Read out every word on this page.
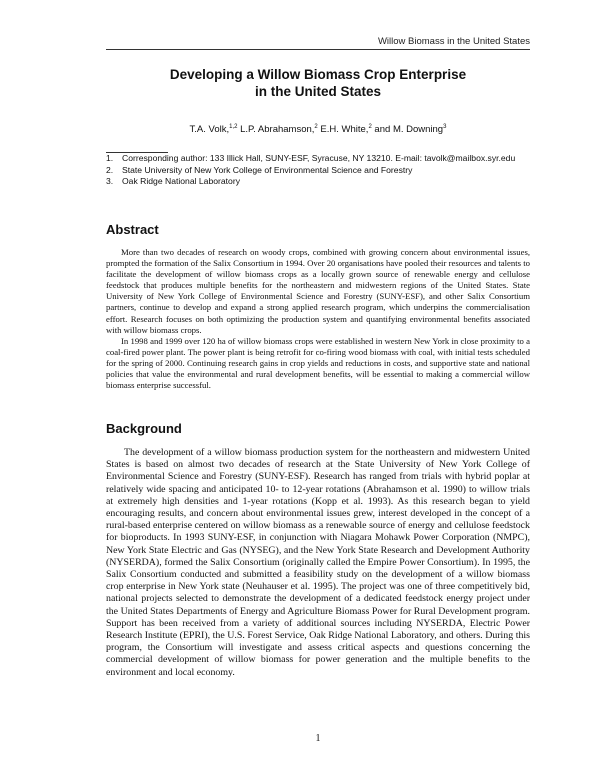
Willow Biomass in the United States
Developing a Willow Biomass Crop Enterprise
in the United States
T.A. Volk,$^{1,2}$ L.P. Abrahamson,$^2$ E.H. White,$^2$ and M. Downing$^3$
1.	Corresponding author: 133 Illick Hall, SUNY-ESF, Syracuse, NY 13210. E-mail: tavolk@mailbox.syr.edu
2.	State University of New York College of Environmental Science and Forestry
3.	Oak Ridge National Laboratory
Abstract

More than two decades of research on woody crops, combined with growing concern about environmental issues, prompted the formation of the Salix Consortium in 1994. Over 20 organisations have pooled their resources and talents to facilitate the development of willow biomass crops as a locally grown source of renewable energy and cellulose feedstock that produces multiple benefits for the northeastern and midwestern regions of the United States. State University of New York College of Environmental Science and Forestry (SUNY-ESF), and other Salix Consortium partners, continue to develop and expand a strong applied research program, which underpins the commercialisation effort. Research focuses on both optimizing the production system and quantifying environmental benefits associated with willow biomass crops.

In 1998 and 1999 over 120 ha of willow biomass crops were established in western New York in close proximity to a coal-fired power plant. The power plant is being retrofit for co-firing wood biomass with coal, with initial tests scheduled for the spring of 2000. Continuing research gains in crop yields and reductions in costs, and supportive state and national policies that value the environmental and rural development benefits, will be essential to making a commercial willow biomass enterprise successful.

Background

The development of a willow biomass production system for the northeastern and midwestern United States is based on almost two decades of research at the State University of New York College of Environmental Science and Forestry (SUNY-ESF). Research has ranged from trials with hybrid poplar at relatively wide spacing and anticipated 10- to 12-year rotations (Abrahamson et al. 1990) to willow trials at extremely high densities and 1-year rotations (Kopp et al. 1993). As this research began to yield encouraging results, and concern about environmental issues grew, interest developed in the concept of a rural-based enterprise centered on willow biomass as a renewable source of energy and cellulose feedstock for bioproducts. In 1993 SUNY-ESF, in conjunction with Niagara Mohawk Power Corporation (NMPC), New York State Electric and Gas (NYSEG), and the New York State Research and Development Authority (NYSERDA), formed the Salix Consortium (originally called the Empire Power Consortium). In 1995, the Salix Consortium conducted and submitted a feasibility study on the development of a willow biomass crop enterprise in New York state (Neuhauser et al. 1995). The project was one of three competitively bid, national projects selected to demonstrate the development of a dedicated feedstock energy project under the United States Departments of Energy and Agriculture Biomass Power for Rural Development program. Support has been received from a variety of additional sources including NYSERDA, Electric Power Research Institute (EPRI), the U.S. Forest Service, Oak Ridge National Laboratory, and others. During this program, the Consortium will investigate and assess critical aspects and questions concerning the commercial development of willow biomass for power generation and the multiple benefits to the environment and local economy.

1
